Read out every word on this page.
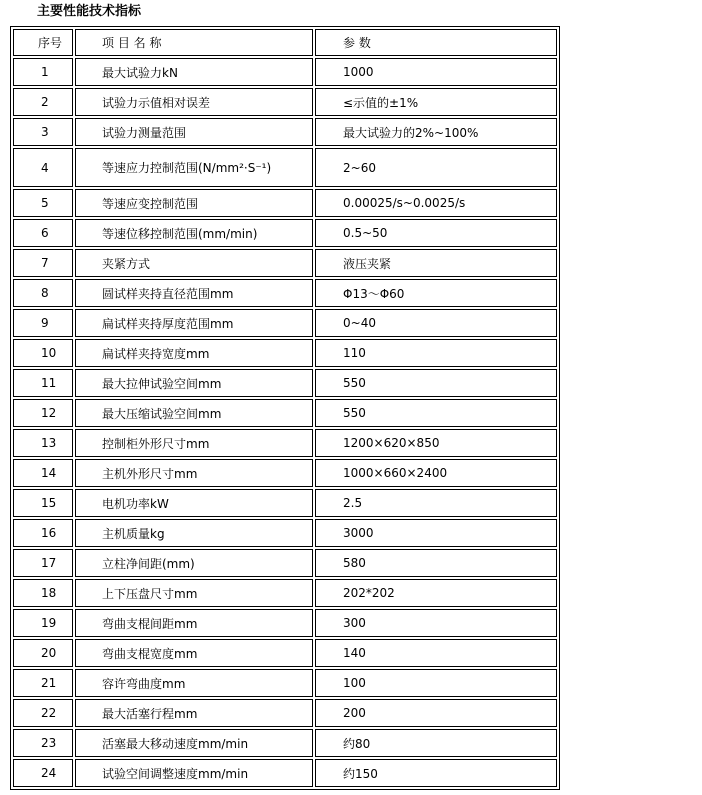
主要性能技术指标
序号	项 目 名 称	参 数
1	最大试验力kN	1000
2	试验力示值相对误差	≤示值的±1%
3	试验力测量范围	最大试验力的2%~100%
4	等速应力控制范围(N/mm²·S⁻¹)	2~60
5	等速应变控制范围	0.00025/s~0.0025/s
6	等速位移控制范围(mm/min)	0.5~50
7	夹紧方式	液压夹紧
8	圆试样夹持直径范围mm	Φ13～Φ60
9	扁试样夹持厚度范围mm	0~40
10	扁试样夹持宽度mm	110
11	最大拉伸试验空间mm	550
12	最大压缩试验空间mm	550
13	控制柜外形尺寸mm	1200×620×850
14	主机外形尺寸mm	1000×660×2400
15	电机功率kW	2.5
16	主机质量kg	3000
17	立柱净间距(mm)	580
18	上下压盘尺寸mm	202*202
19	弯曲支棍间距mm	300
20	弯曲支棍宽度mm	140
21	容许弯曲度mm	100
22	最大活塞行程mm	200
23	活塞最大移动速度mm/min	约80
24	试验空间调整速度mm/min	约150
